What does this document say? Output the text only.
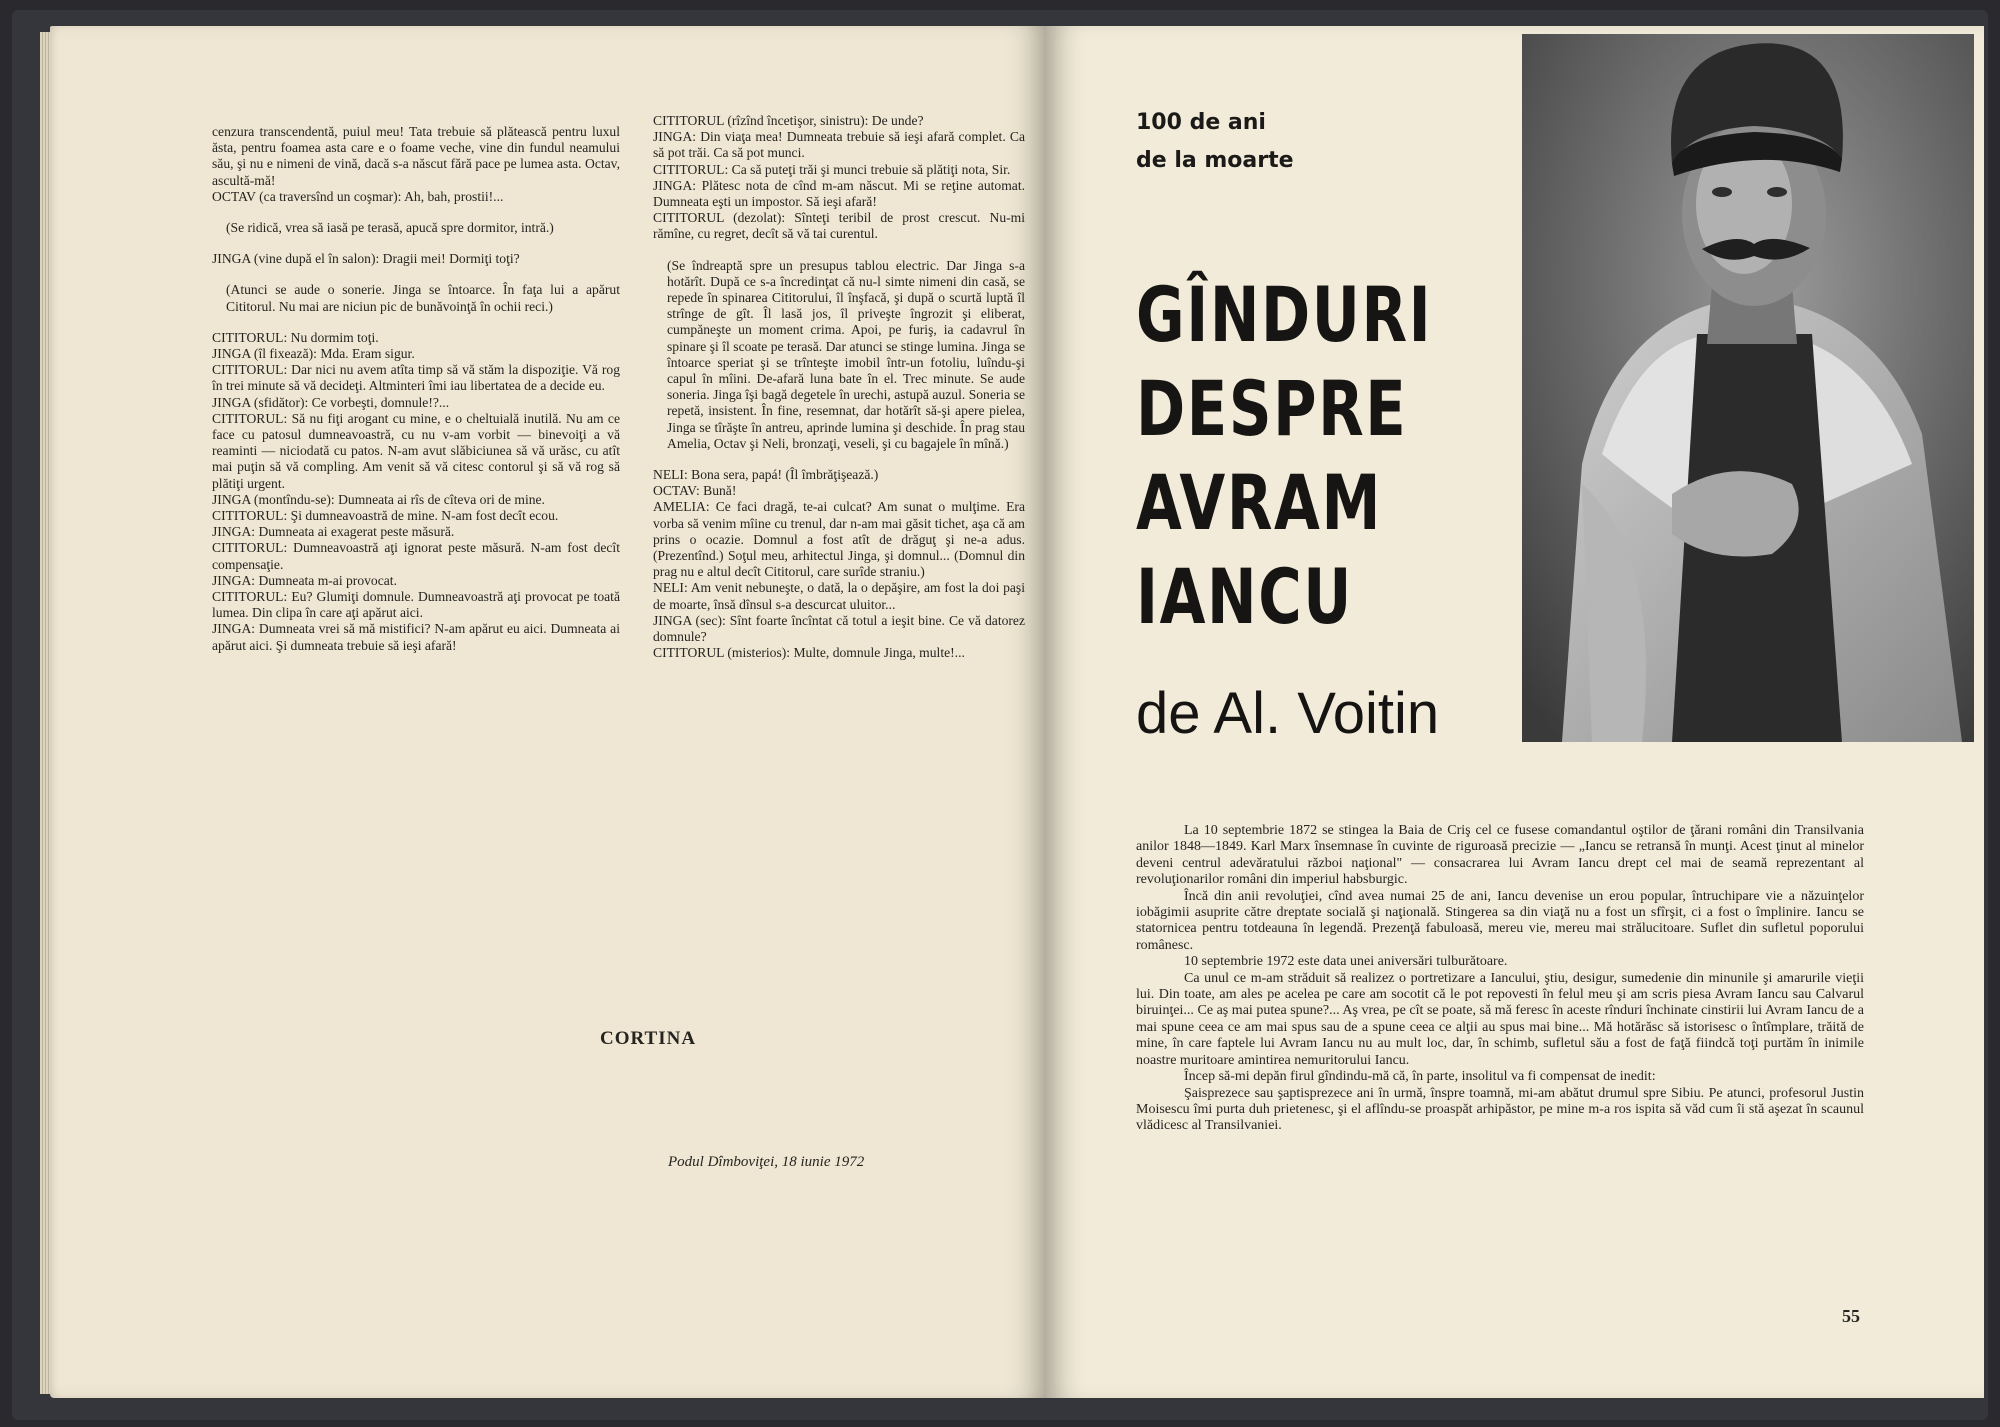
cenzura transcendentă, puiul meu! Tata trebuie să plătească pentru luxul ăsta, pentru foamea asta care e o foame veche, vine din fundul neamului său, şi nu e nimeni de vină, dacă s-a născut fără pace pe lumea asta. Octav, ascultă-mă!

OCTAV (ca traversînd un coşmar): Ah, bah, prostii!...

(Se ridică, vrea să iasă pe terasă, apucă spre dormitor, intră.)

JINGA (vine după el în salon): Dragii mei! Dormiţi toţi?

(Atunci se aude o sonerie. Jinga se întoarce. În faţa lui a apărut Cititorul. Nu mai are niciun pic de bunăvoinţă în ochii reci.)

CITITORUL: Nu dormim toţi.

JINGA (îl fixează): Mda. Eram sigur.

CITITORUL: Dar nici nu avem atîta timp să vă stăm la dispoziţie. Vă rog în trei minute să vă decideţi. Altminteri îmi iau libertatea de a decide eu.

JINGA (sfidător): Ce vorbeşti, domnule!?...

CITITORUL: Să nu fiţi arogant cu mine, e o cheltuială inutilă. Nu am ce face cu patosul dumneavoastră, cu nu v-am vorbit — binevoiţi a vă reaminti — niciodată cu patos. N-am avut slăbiciunea să vă urăsc, cu atît mai puţin să vă compling. Am venit să vă citesc contorul şi să vă rog să plătiţi urgent.

JINGA (montîndu-se): Dumneata ai rîs de cîteva ori de mine.

CITITORUL: Şi dumneavoastră de mine. N-am fost decît ecou.

JINGA: Dumneata ai exagerat peste măsură.

CITITORUL: Dumneavoastră aţi ignorat peste măsură. N-am fost decît compensaţie.

JINGA: Dumneata m-ai provocat.

CITITORUL: Eu? Glumiţi domnule. Dumneavoastră aţi provocat pe toată lumea. Din clipa în care aţi apărut aici.

JINGA: Dumneata vrei să mă mistifici? N-am apărut eu aici. Dumneata ai apărut aici. Şi dumneata trebuie să ieşi afară!

CITITORUL (rîzînd încetişor, sinistru): De unde?

JINGA: Din viaţa mea! Dumneata trebuie să ieşi afară complet. Ca să pot trăi. Ca să pot munci.

CITITORUL: Ca să puteţi trăi şi munci trebuie să plătiţi nota, Sir.

JINGA: Plătesc nota de cînd m-am născut. Mi se reţine automat. Dumneata eşti un impostor. Să ieşi afară!

CITITORUL (dezolat): Sînteţi teribil de prost crescut. Nu-mi rămîne, cu regret, decît să vă tai curentul.

(Se îndreaptă spre un presupus tablou electric. Dar Jinga s-a hotărît. După ce s-a încredinţat că nu-l simte nimeni din casă, se repede în spinarea Cititorului, îl înşfacă, şi după o scurtă luptă îl strînge de gît. Îl lasă jos, îl priveşte îngrozit şi eliberat, cumpăneşte un moment crima. Apoi, pe furiş, ia cadavrul în spinare şi îl scoate pe terasă. Dar atunci se stinge lumina. Jinga se întoarce speriat şi se trînteşte imobil într-un fotoliu, luîndu-şi capul în mîini. De-afară luna bate în el. Trec minute. Se aude soneria. Jinga îşi bagă degetele în urechi, astupă auzul. Soneria se repetă, insistent. În fine, resemnat, dar hotărît să-şi apere pielea, Jinga se tîrăşte în antreu, aprinde lumina şi deschide. În prag stau Amelia, Octav şi Neli, bronzaţi, veseli, şi cu bagajele în mînă.)

NELI: Bona sera, papá! (Îl îmbrăţişează.)

OCTAV: Bună!

AMELIA: Ce faci dragă, te-ai culcat? Am sunat o mulţime. Era vorba să venim mîine cu trenul, dar n-am mai găsit tichet, aşa că am prins o ocazie. Domnul a fost atît de drăguţ şi ne-a adus. (Prezentînd.) Soţul meu, arhitectul Jinga, şi domnul... (Domnul din prag nu e altul decît Cititorul, care surîde straniu.)

NELI: Am venit nebuneşte, o dată, la o depăşire, am fost la doi paşi de moarte, însă dînsul s-a descurcat uluitor...

JINGA (sec): Sînt foarte încîntat că totul a ieşit bine. Ce vă datorez domnule?

CITITORUL (misterios): Multe, domnule Jinga, multe!...

CORTINA
Podul Dîmboviţei, 18 iunie 1972
100 de ani
de la moarte
GÎNDURI
DESPRE
AVRAM
IANCU
de Al. Voitin

La 10 septembrie 1872 se stingea la Baia de Criş cel ce fusese comandantul oştilor de ţărani români din Transilvania anilor 1848—1849. Karl Marx însemnase în cuvinte de riguroasă precizie — „Iancu se retransă în munţi. Acest ţinut al minelor deveni centrul adevăratului război naţional" — consacrarea lui Avram Iancu drept cel mai de seamă reprezentant al revoluţionarilor români din imperiul habsburgic.

Încă din anii revoluţiei, cînd avea numai 25 de ani, Iancu devenise un erou popular, întruchipare vie a năzuinţelor iobăgimii asuprite către dreptate socială şi naţională. Stingerea sa din viaţă nu a fost un sfîrşit, ci a fost o împlinire. Iancu se statornicea pentru totdeauna în legendă. Prezenţă fabuloasă, mereu vie, mereu mai strălucitoare. Suflet din sufletul poporului românesc.

10 septembrie 1972 este data unei aniversări tulburătoare.

Ca unul ce m-am străduit să realizez o portretizare a Iancului, ştiu, desigur, sumedenie din minunile şi amarurile vieţii lui. Din toate, am ales pe acelea pe care am socotit că le pot repovesti în felul meu şi am scris piesa Avram Iancu sau Calvarul biruinţei... Ce aş mai putea spune?... Aş vrea, pe cît se poate, să mă feresc în aceste rînduri închinate cinstirii lui Avram Iancu de a mai spune ceea ce am mai spus sau de a spune ceea ce alţii au spus mai bine... Mă hotărăsc să istorisesc o întîmplare, trăită de mine, în care faptele lui Avram Iancu nu au mult loc, dar, în schimb, sufletul său a fost de faţă fiindcă toţi purtăm în inimile noastre muritoare amintirea nemuritorului Iancu.

Încep să-mi depăn firul gîndindu-mă că, în parte, insolitul va fi compensat de inedit:

Şaisprezece sau şaptisprezece ani în urmă, înspre toamnă, mi-am abătut drumul spre Sibiu. Pe atunci, profesorul Justin Moisescu îmi purta duh prietenesc, şi el aflîndu-se proaspăt arhipăstor, pe mine m-a ros ispita să văd cum îi stă aşezat în scaunul vlădicesc al Transilvaniei.

55
